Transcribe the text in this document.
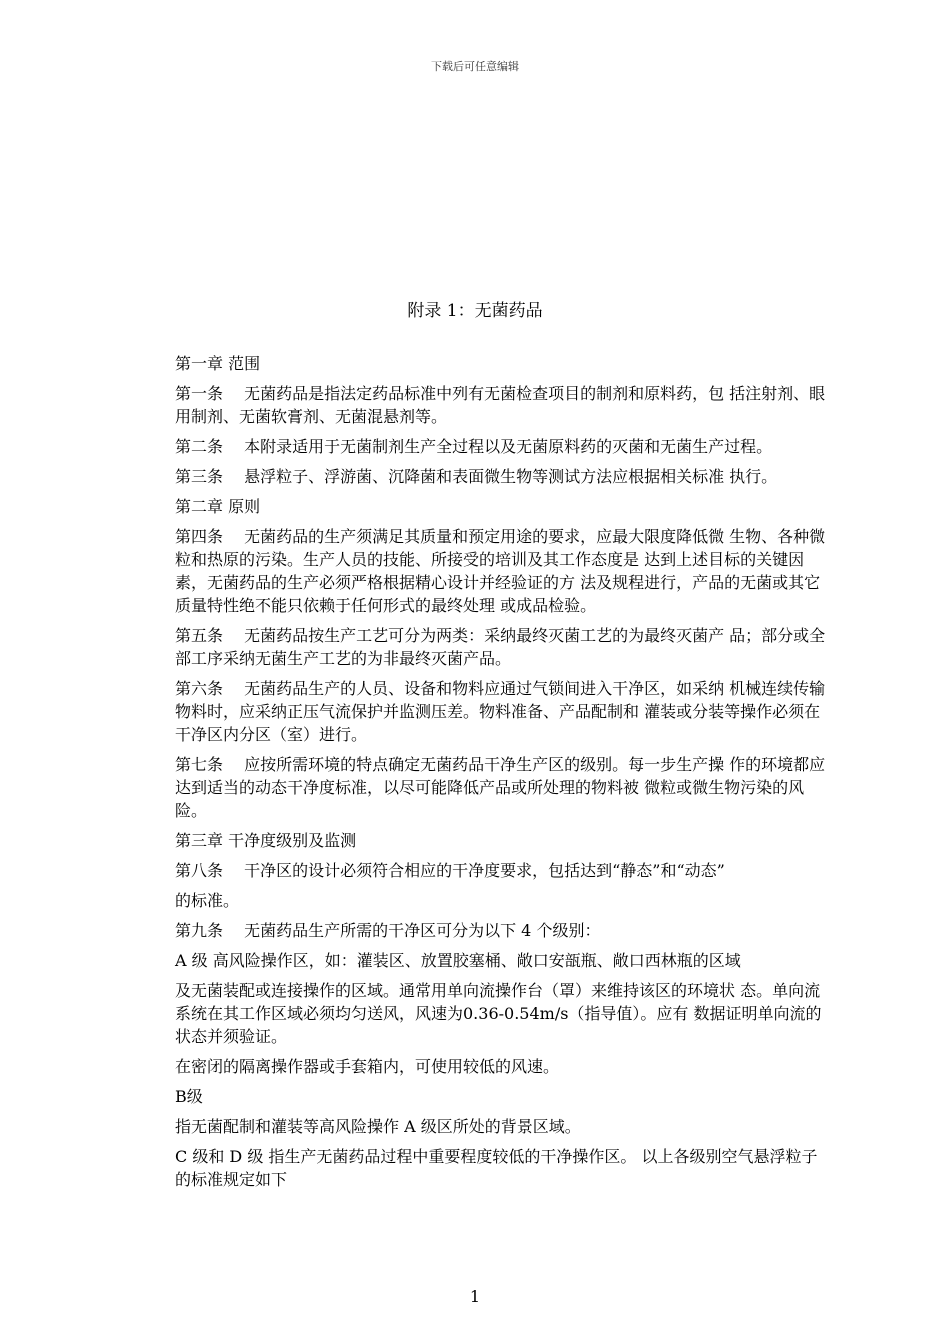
下载后可任意编辑
附录 1：无菌药品

第一章 范围

第一条　 无菌药品是指法定药品标准中列有无菌检查项目的制剂和原料药，包 括注射剂、眼用制剂、无菌软膏剂、无菌混悬剂等。

第二条　 本附录适用于无菌制剂生产全过程以及无菌原料药的灭菌和无菌生产过程。

第三条　 悬浮粒子、浮游菌、沉降菌和表面微生物等测试方法应根据相关标准 执行。

第二章 原则

第四条　 无菌药品的生产须满足其质量和预定用途的要求，应最大限度降低微 生物、各种微粒和热原的污染。生产人员的技能、所接受的培训及其工作态度是 达到上述目标的关键因素，无菌药品的生产必须严格根据精心设计并经验证的方 法及规程进行，产品的无菌或其它质量特性绝不能只依赖于任何形式的最终处理 或成品检验。

第五条　 无菌药品按生产工艺可分为两类：采纳最终灭菌工艺的为最终灭菌产 品；部分或全部工序采纳无菌生产工艺的为非最终灭菌产品。

第六条　 无菌药品生产的人员、设备和物料应通过气锁间进入干净区，如采纳 机械连续传输物料时，应采纳正压气流保护并监测压差。物料准备、产品配制和 灌装或分装等操作必须在干净区内分区（室）进行。

第七条　 应按所需环境的特点确定无菌药品干净生产区的级别。每一步生产操 作的环境都应达到适当的动态干净度标准，以尽可能降低产品或所处理的物料被 微粒或微生物污染的风险。

第三章 干净度级别及监测

第八条　 干净区的设计必须符合相应的干净度要求，包括达到“静态”和“动态”

的标准。

第九条　 无菌药品生产所需的干净区可分为以下 4 个级别：

A 级 高风险操作区，如：灌装区、放置胶塞桶、敞口安瓿瓶、敞口西林瓶的区域

及无菌装配或连接操作的区域。通常用单向流操作台（罩）来维持该区的环境状 态。单向流系统在其工作区域必须均匀送风，风速为0.36-0.54m/s（指导值）。应有 数据证明单向流的状态并须验证。

在密闭的隔离操作器或手套箱内，可使用较低的风速。

B级

指无菌配制和灌装等高风险操作 A 级区所处的背景区域。

C 级和 D 级 指生产无菌药品过程中重要程度较低的干净操作区。 以上各级别空气悬浮粒子的标准规定如下

1
